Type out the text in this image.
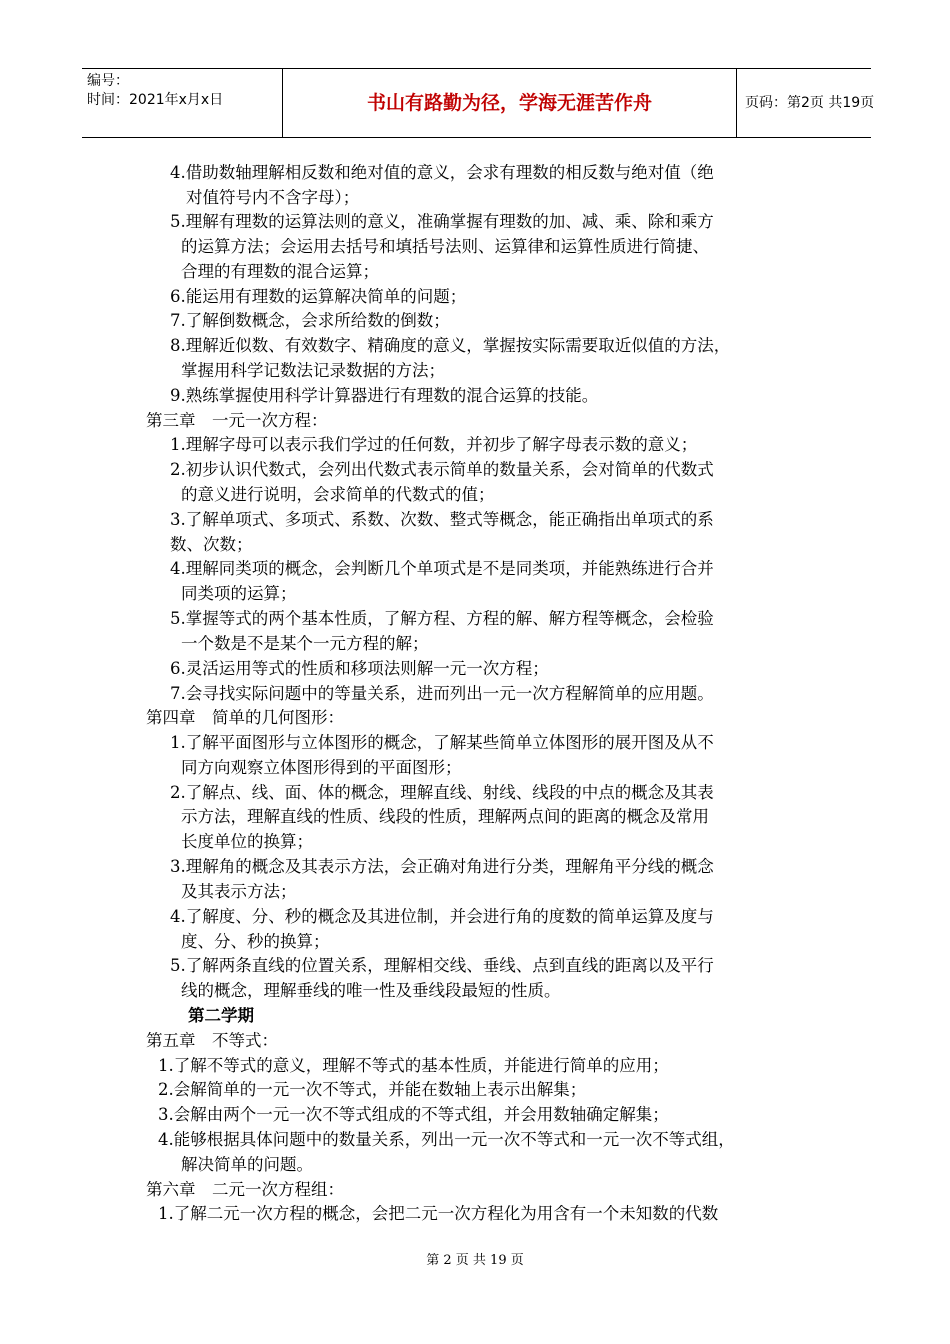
编号：
时间：2021年x月x日	书山有路勤为径，学海无涯苦作舟	页码：第2页 共19页
4.借助数轴理解相反数和绝对值的意义，会求有理数的相反数与绝对值（绝
对值符号内不含字母）；
5.理解有理数的运算法则的意义，准确掌握有理数的加、减、乘、除和乘方
的运算方法；会运用去括号和填括号法则、运算律和运算性质进行简捷、
合理的有理数的混合运算；
6.能运用有理数的运算解决简单的问题；
7.了解倒数概念，会求所给数的倒数；
8.理解近似数、有效数字、精确度的意义，掌握按实际需要取近似值的方法，
掌握用科学记数法记录数据的方法；
9.熟练掌握使用科学计算器进行有理数的混合运算的技能。
第三章　一元一次方程：
1.理解字母可以表示我们学过的任何数，并初步了解字母表示数的意义；
2.初步认识代数式，会列出代数式表示简单的数量关系，会对简单的代数式
的意义进行说明，会求简单的代数式的值；
3.了解单项式、多项式、系数、次数、整式等概念，能正确指出单项式的系
数、次数；
4.理解同类项的概念，会判断几个单项式是不是同类项，并能熟练进行合并
同类项的运算；
5.掌握等式的两个基本性质，了解方程、方程的解、解方程等概念，会检验
一个数是不是某个一元方程的解；
6.灵活运用等式的性质和移项法则解一元一次方程；
7.会寻找实际问题中的等量关系，进而列出一元一次方程解简单的应用题。
第四章　简单的几何图形：
1.了解平面图形与立体图形的概念，了解某些简单立体图形的展开图及从不
同方向观察立体图形得到的平面图形；
2.了解点、线、面、体的概念，理解直线、射线、线段的中点的概念及其表
示方法，理解直线的性质、线段的性质，理解两点间的距离的概念及常用
长度单位的换算；
3.理解角的概念及其表示方法，会正确对角进行分类，理解角平分线的概念
及其表示方法；
4.了解度、分、秒的概念及其进位制，并会进行角的度数的简单运算及度与
度、分、秒的换算；
5.了解两条直线的位置关系，理解相交线、垂线、点到直线的距离以及平行
线的概念，理解垂线的唯一性及垂线段最短的性质。
第二学期
第五章　不等式：
1.了解不等式的意义，理解不等式的基本性质，并能进行简单的应用；
2.会解简单的一元一次不等式，并能在数轴上表示出解集；
3.会解由两个一元一次不等式组成的不等式组，并会用数轴确定解集；
4.能够根据具体问题中的数量关系，列出一元一次不等式和一元一次不等式组，
解决简单的问题。
第六章　二元一次方程组：
1.了解二元一次方程的概念，会把二元一次方程化为用含有一个未知数的代数
第 2 页 共 19 页
